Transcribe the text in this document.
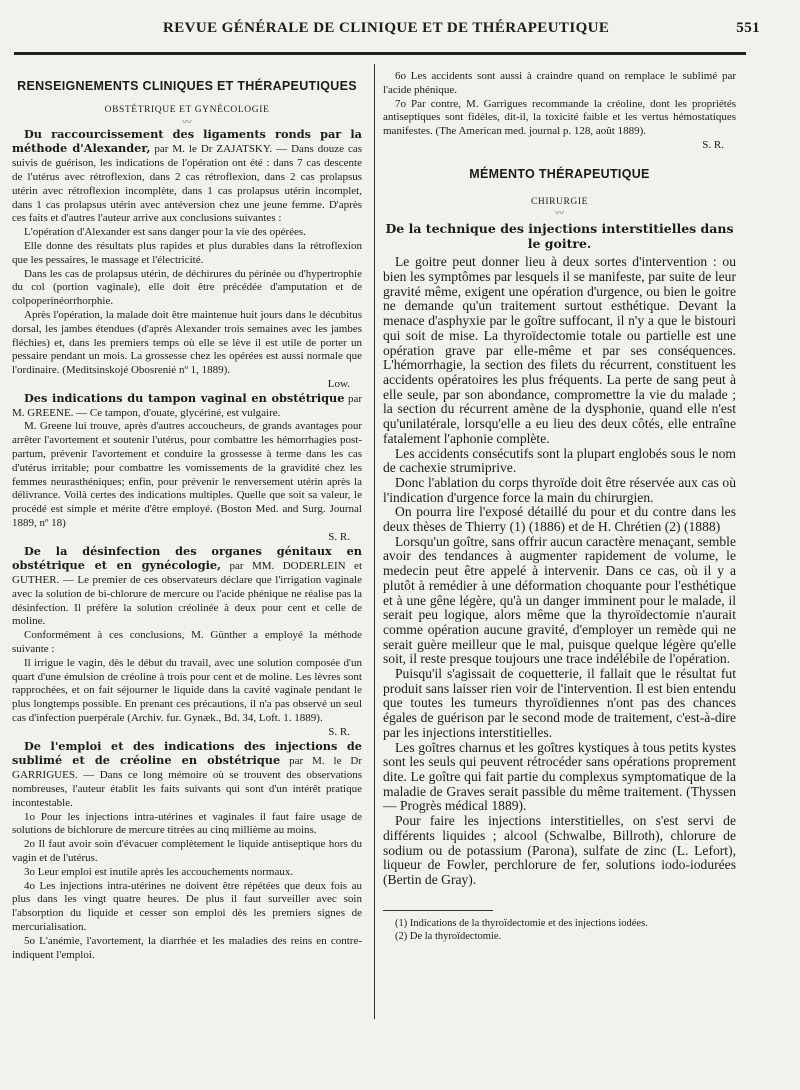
REVUE GÉNÉRALE DE CLINIQUE ET DE THÉRAPEUTIQUE	551
RENSEIGNEMENTS CLINIQUES ET THÉRAPEUTIQUES
OBSTÉTRIQUE ET GYNÉCOLOGIE
〰

Du raccourcissement des ligaments ronds par la méthode d'Alexander, par M. le Dr ZAJATSKY. — Dans douze cas suivis de guérison, les indications de l'opération ont été : dans 7 cas descente de l'utérus avec rétroflexion, dans 2 cas rétroflexion, dans 2 cas prolapsus utérin avec rétroflexion incomplète, dans 1 cas prolapsus utérin incomplet, dans 1 cas prolapsus utérin avec antéversion chez une jeune femme. D'après ces faits et d'autres l'auteur arrive aux conclusions suivantes :

L'opération d'Alexander est sans danger pour la vie des opérées.

Elle donne des résultats plus rapides et plus durables dans la rétroflexion que les pessaires, le massage et l'électricité.

Dans les cas de prolapsus utérin, de déchirures du périnée ou d'hypertrophie du col (portion vaginale), elle doit être précédée d'amputation et de colpoperinéorrhorphie.

Après l'opération, la malade doit être maintenue huit jours dans le décubitus dorsal, les jambes étendues (d'après Alexander trois semaines avec les jambes fléchies) et, dans les premiers temps où elle se lève il est utile de porter un pessaire pendant un mois. La grossesse chez les opérées est aussi normale que l'ordinaire. (Meditsinskojé Obosrenié nº 1, 1889).

Low.

Des indications du tampon vaginal en obstétrique par M. GREENE. — Ce tampon, d'ouate, glycériné, est vulgaire.

M. Greene lui trouve, après d'autres accoucheurs, de grands avantages pour arrêter l'avortement et soutenir l'utérus, pour combattre les hémorrhagies post-partum, prévenir l'avortement et conduire la grossesse à terme dans les cas d'utérus irritable; pour combattre les vomissements de la gravidité chez les femmes neurasthéniques; enfin, pour prévenir le renversement utérin après la délivrance. Voilà certes des indications multiples. Quelle que soit sa valeur, le procédé est simple et mérite d'être employé. (Boston Med. and Surg. Journal 1889, nº 18)

S. R.

De la désinfection des organes génitaux en obstétrique et en gynécologie, par MM. DODERLEIN et GUTHER. — Le premier de ces observateurs déclare que l'irrigation vaginale avec la solution de bi-chlorure de mercure ou l'acide phénique ne réalise pas la désinfection. Il préfère la solution créolinée à deux pour cent et celle de moline.

Conformément à ces conclusions, M. Günther a employé la méthode suivante :

Il irrigue le vagin, dès le début du travail, avec une solution composée d'un quart d'une émulsion de créoline à trois pour cent et de moline. Les lèvres sont rapprochées, et on fait séjourner le liquide dans la cavité vaginale pendant le plus longtemps possible. En prenant ces précautions, il n'a pas observé un seul cas d'infection puerpérale (Archiv. fur. Gynæk., Bd. 34, Loft. 1. 1889).

S. R.

De l'emploi et des indications des injections de sublimé et de créoline en obstétrique par M. le Dr GARRIGUES. — Dans ce long mémoire où se trouvent des observations nombreuses, l'auteur établit les faits suivants qui sont d'un intérêt pratique incontestable.

1o Pour les injections intra-utérines et vaginales il faut faire usage de solutions de bichlorure de mercure titrées au cinq millième au moins.

2o Il faut avoir soin d'évacuer complètement le liquide antiseptique hors du vagin et de l'utérus.

3o Leur emploi est inutile après les accouchements normaux.

4o Les injections intra-utérines ne doivent être répétées que deux fois au plus dans les vingt quatre heures. De plus il faut surveiller avec soin l'absorption du liquide et cesser son emploi dès les premiers signes de mercurialisation.

5o L'anémie, l'avortement, la diarrhée et les maladies des reins en contre-indiquent l'emploi.

6o Les accidents sont aussi à craindre quand on remplace le sublimé par l'acide phénique.

7o Par contre, M. Garrigues recommande la créoline, dont les propriétés antiseptiques sont fidèles, dit-il, la toxicité faible et les vertus hémostatiques manifestes. (The American med. journal p. 128, août 1889).

S. R.

MÉMENTO THÉRAPEUTIQUE
CHIRURGIE
〰
De la technique des injections interstitielles dans le goitre.

Le goitre peut donner lieu à deux sortes d'intervention : ou bien les symptômes par lesquels il se manifeste, par suite de leur gravité même, exigent une opération d'urgence, ou bien le goitre ne demande qu'un traitement surtout esthétique. Devant la menace d'asphyxie par le goître suffocant, il n'y a que le bistouri qui soit de mise. La thyroïdectomie totale ou partielle est une opération grave par elle-même et par ses conséquences. L'hémorrhagie, la section des filets du récurrent, constituent les accidents opératoires les plus fréquents. La perte de sang peut à elle seule, par son abondance, compromettre la vie du malade ; la section du récurrent amène de la dysphonie, quand elle n'est qu'unilatérale, lorsqu'elle a eu lieu des deux côtés, elle entraîne fatalement l'aphonie complète.

Les accidents consécutifs sont la plupart englobés sous le nom de cachexie strumiprive.

Donc l'ablation du corps thyroïde doit être réservée aux cas où l'indication d'urgence force la main du chirurgien.

On pourra lire l'exposé détaillé du pour et du contre dans les deux thèses de Thierry (1) (1886) et de H. Chrétien (2) (1888)

Lorsqu'un goître, sans offrir aucun caractère menaçant, semble avoir des tendances à augmenter rapidement de volume, le medecin peut être appelé à intervenir. Dans ce cas, où il y a plutôt à remédier à une déformation choquante pour l'esthétique et à une gêne légère, qu'à un danger imminent pour le malade, il serait peu logique, alors même que la thyroïdectomie n'aurait comme opération aucune gravité, d'employer un remède qui ne serait guère meilleur que le mal, puisque quelque légère qu'elle soit, il reste presque toujours une trace indélébile de l'opération.

Puisqu'il s'agissait de coquetterie, il fallait que le résultat fut produit sans laisser rien voir de l'intervention. Il est bien entendu que toutes les tumeurs thyroïdiennes n'ont pas des chances égales de guérison par le second mode de traitement, c'est-à-dire par les injections interstitielles.

Les goîtres charnus et les goîtres kystiques à tous petits kystes sont les seuls qui peuvent rétrocéder sans opérations proprement dite. Le goître qui fait partie du complexus symptomatique de la maladie de Graves serait passible du même traitement. (Thyssen — Progrès médical 1889).

Pour faire les injections interstitielles, on s'est servi de différents liquides ; alcool (Schwalbe, Billroth), chlorure de sodium ou de potassium (Parona), sulfate de zinc (L. Lefort), liqueur de Fowler, perchlorure de fer, solutions iodo-iodurées (Bertin de Gray).

(1) Indications de la thyroïdectomie et des injections iodées.

(2) De la thyroïdectomie.
